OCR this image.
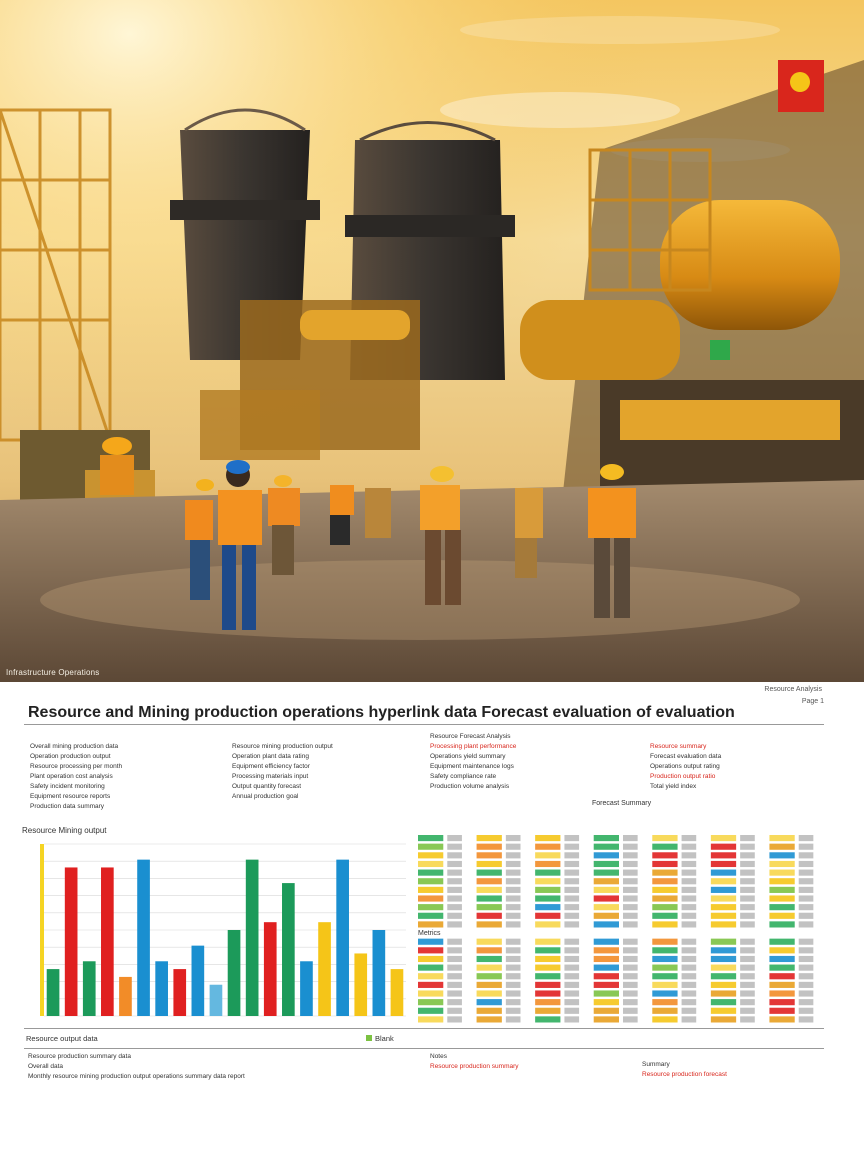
Infrastructure Operations
Resource Analysis
Page 1
Resource and Mining production operations hyperlink data Forecast evaluation of evaluation
Overall mining production data
Operation production output
Resource processing per month
Plant operation cost analysis
Safety incident monitoring
Equipment resource reports
Production data summary
Resource mining production output
Operation plant data rating
Equipment efficiency factor
Processing materials input
Output quantity forecast
Annual production goal
Resource Forecast Analysis
Processing plant performance
Operations yield summary
Equipment maintenance logs
Safety compliance rate
Production volume analysis
Resource summary
Forecast evaluation data
Operations output rating
Production output ratio
Total yield index
Resource Mining output
Forecast Summary
Metrics
Resource output data	Blank
Resource production summary data
Overall data
Monthly resource mining production output operations summary data report
Notes
Resource production summary	Summary
Resource production forecast
